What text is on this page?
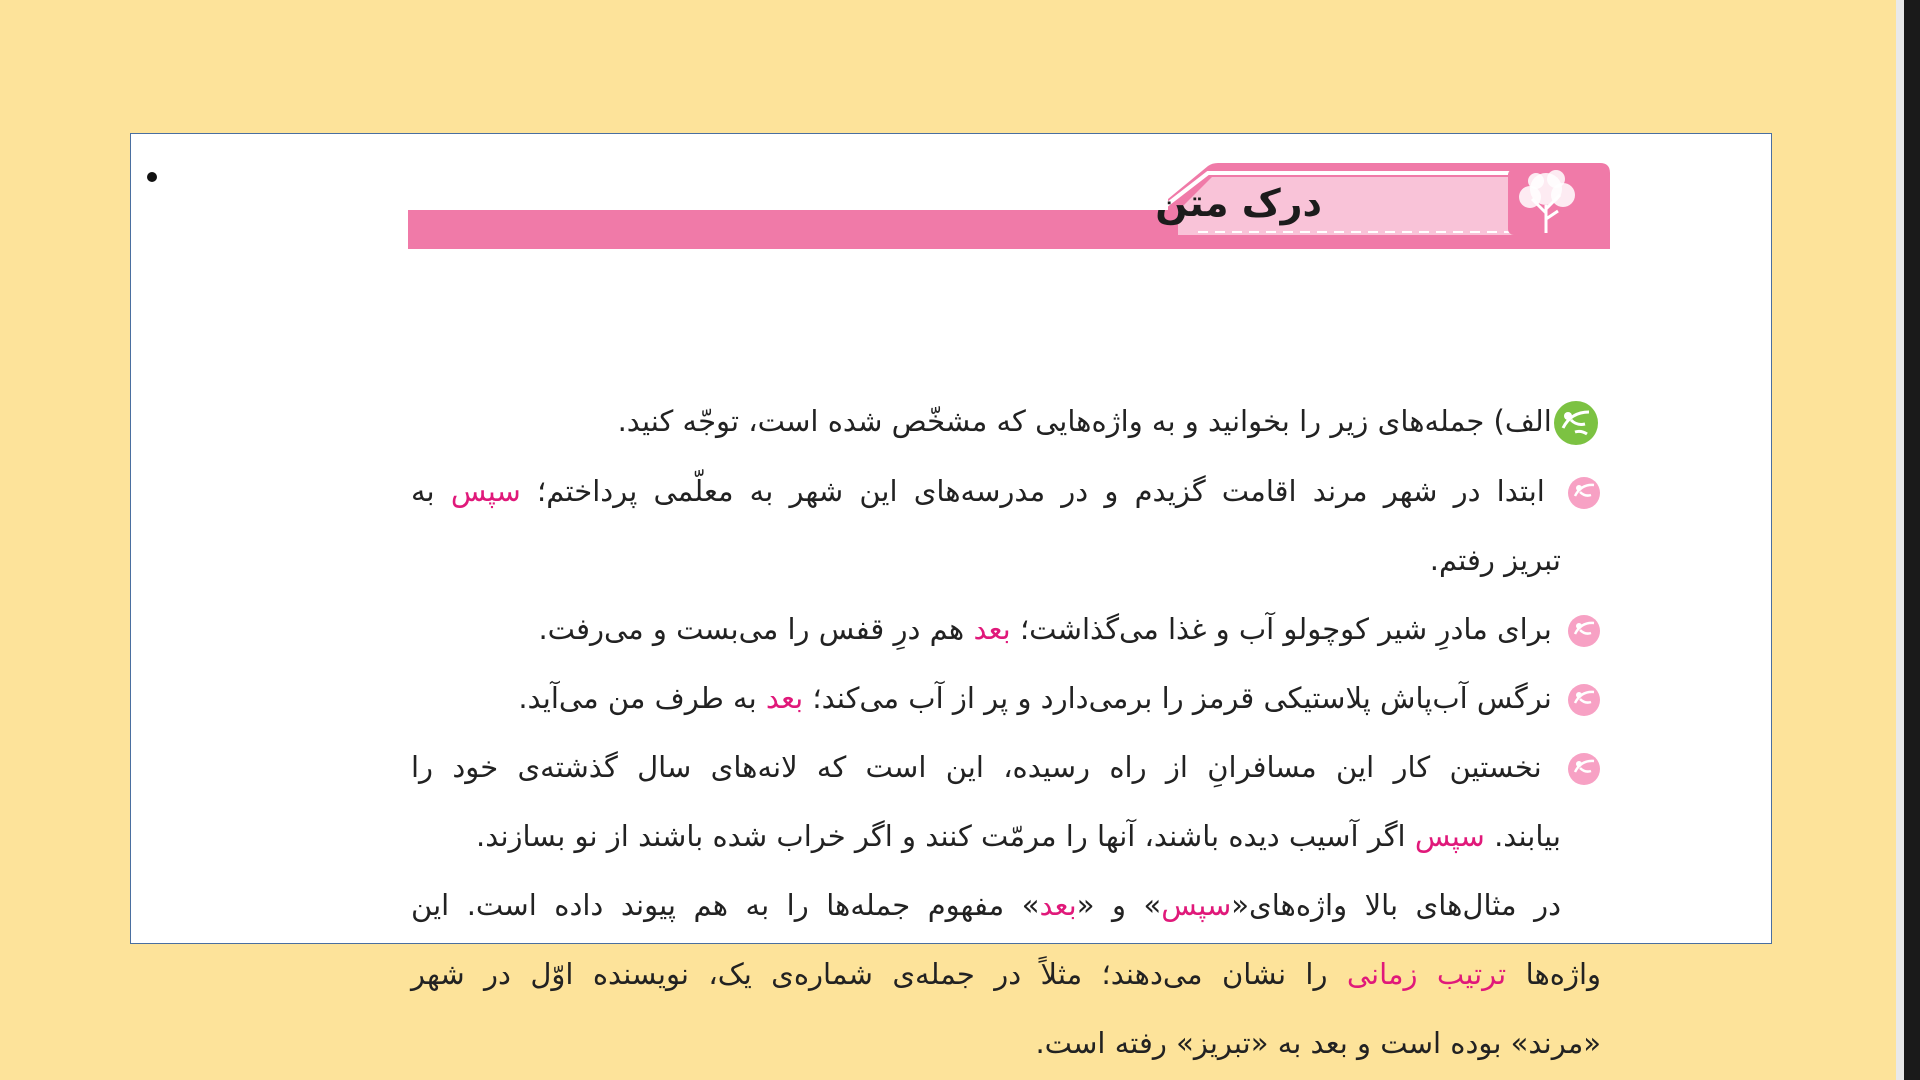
درک متن
الف) جمله‌های زیر را بخوانید و به واژه‌هایی که مشخّص شده است، توجّه کنید.
ابتدا در شهر مرند اقامت گزیدم و در مدرسه‌های این شهر به معلّمی پرداختم؛ سپس به
تبریز رفتم.
برای مادرِ شیر کوچولو آب و غذا می‌گذاشت؛ بعد هم درِ قفس را می‌بست و می‌رفت.
نرگس آب‌پاش پلاستیکی قرمز را برمی‌دارد و پر از آب می‌کند؛ بعد به طرف من می‌آید.
نخستین کار این مسافرانِ از راه رسیده، این است که لانه‌های سال گذشته‌ی خود را
بیابند. سپس اگر آسیب دیده باشند، آنها را مرمّت کنند و اگر خراب شده باشند از نو بسازند.
در مثال‌های بالا واژه‌های«سپس» و «بعد» مفهوم جمله‌ها را به هم پیوند داده است. این
واژه‌ها ترتیب زمانی را نشان می‌دهند؛ مثلاً در جمله‌ی شماره‌ی یک، نویسنده اوّل در شهر
«مرند» بوده است و بعد به «تبریز» رفته است.
